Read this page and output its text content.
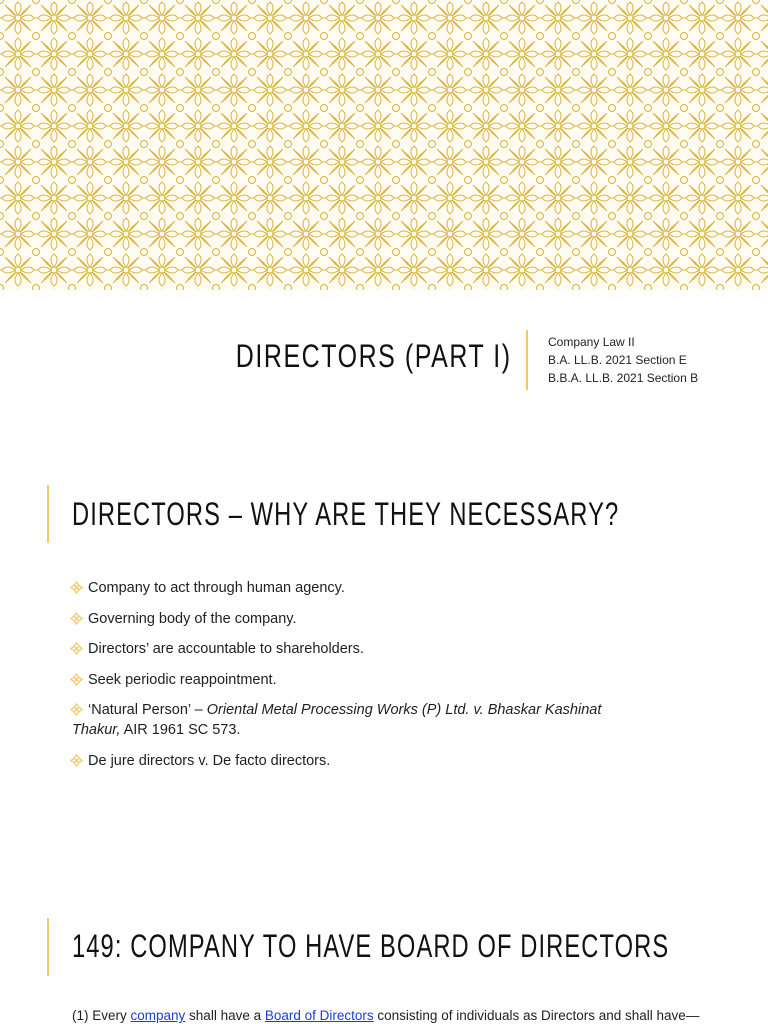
DIRECTORS (PART I)	Company Law II
B.A. LL.B. 2021 Section E
B.B.A. LL.B. 2021 Section B
DIRECTORS – WHY ARE THEY NECESSARY?
Company to act through human agency.
Governing body of the company.
Directors’ are accountable to shareholders.
Seek periodic reappointment.
‘Natural Person’ – Oriental Metal Processing Works (P) Ltd. v. Bhaskar Kashinat
Thakur, AIR 1961 SC 573.
De jure directors v. De facto directors.
149: COMPANY TO HAVE BOARD OF DIRECTORS
(1) Every company shall have a Board of Directors consisting of individuals as Directors and shall have—
